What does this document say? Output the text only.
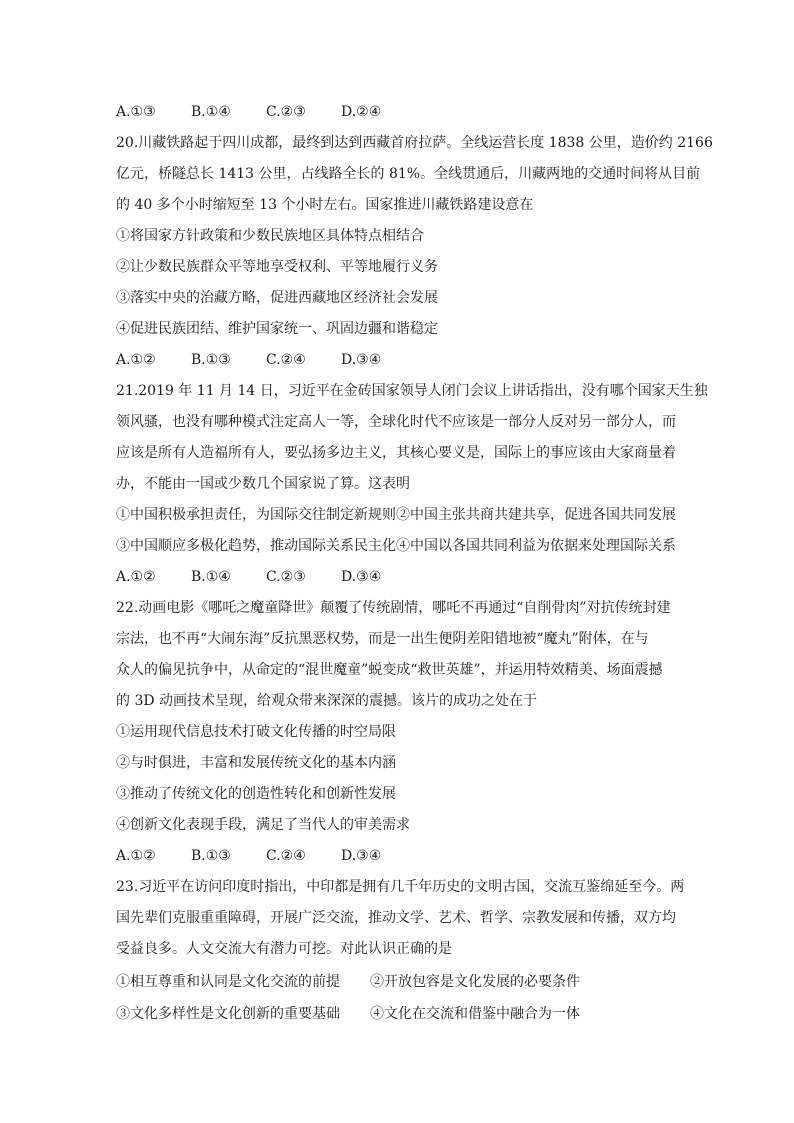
A.①③	B.①④	C.②③	D.②④
20.川藏铁路起于四川成都，最终到达到西藏首府拉萨。全线运营长度 1838 公里，造价约 2166
亿元，桥隧总长 1413 公里，占线路全长的 81%。全线贯通后，川藏两地的交通时间将从目前
的 40 多个小时缩短至 13 个小时左右。国家推进川藏铁路建设意在
①将国家方针政策和少数民族地区具体特点相结合
②让少数民族群众平等地享受权利、平等地履行义务
③落实中央的治藏方略，促进西藏地区经济社会发展
④促进民族团结、维护国家统一、巩固边疆和谐稳定
A.①②	B.①③	C.②④	D.③④
21.2019 年 11 月 14 日，习近平在金砖国家领导人闭门会议上讲话指出，没有哪个国家天生独
领风骚，也没有哪种模式注定高人一等，全球化时代不应该是一部分人反对另一部分人，而
应该是所有人造福所有人，要弘扬多边主义，其核心要义是，国际上的事应该由大家商量着
办，不能由一国或少数几个国家说了算。这表明
①中国积极承担责任，为国际交往制定新规则②中国主张共商共建共享，促进各国共同发展
③中国顺应多极化趋势，推动国际关系民主化④中国以各国共同利益为依据来处理国际关系
A.①②	B.①④	C.②③	D.③④
22.动画电影《哪吒之魔童降世》颠覆了传统剧情，哪吒不再通过“自削骨肉”对抗传统封建
宗法，也不再“大闹东海”反抗黑恶权势，而是一出生便阴差阳错地被“魔丸”附体，在与
众人的偏见抗争中，从命定的“混世魔童”蜕变成“救世英雄”，并运用特效精美、场面震撼
的 3D 动画技术呈现，给观众带来深深的震撼。该片的成功之处在于
①运用现代信息技术打破文化传播的时空局限
②与时俱进，丰富和发展传统文化的基本内涵
③推动了传统文化的创造性转化和创新性发展
④创新文化表现手段，满足了当代人的审美需求
A.①②	B.①③	C.②④	D.③④
23.习近平在访问印度时指出，中印都是拥有几千年历史的文明古国，交流互鉴绵延至今。两
国先辈们克服重重障碍，开展广泛交流，推动文学、艺术、哲学、宗教发展和传播，双方均
受益良多。人文交流大有潜力可挖。对此认识正确的是
①相互尊重和认同是文化交流的前提 ②开放包容是文化发展的必要条件
③文化多样性是文化创新的重要基础 ④文化在交流和借鉴中融合为一体
